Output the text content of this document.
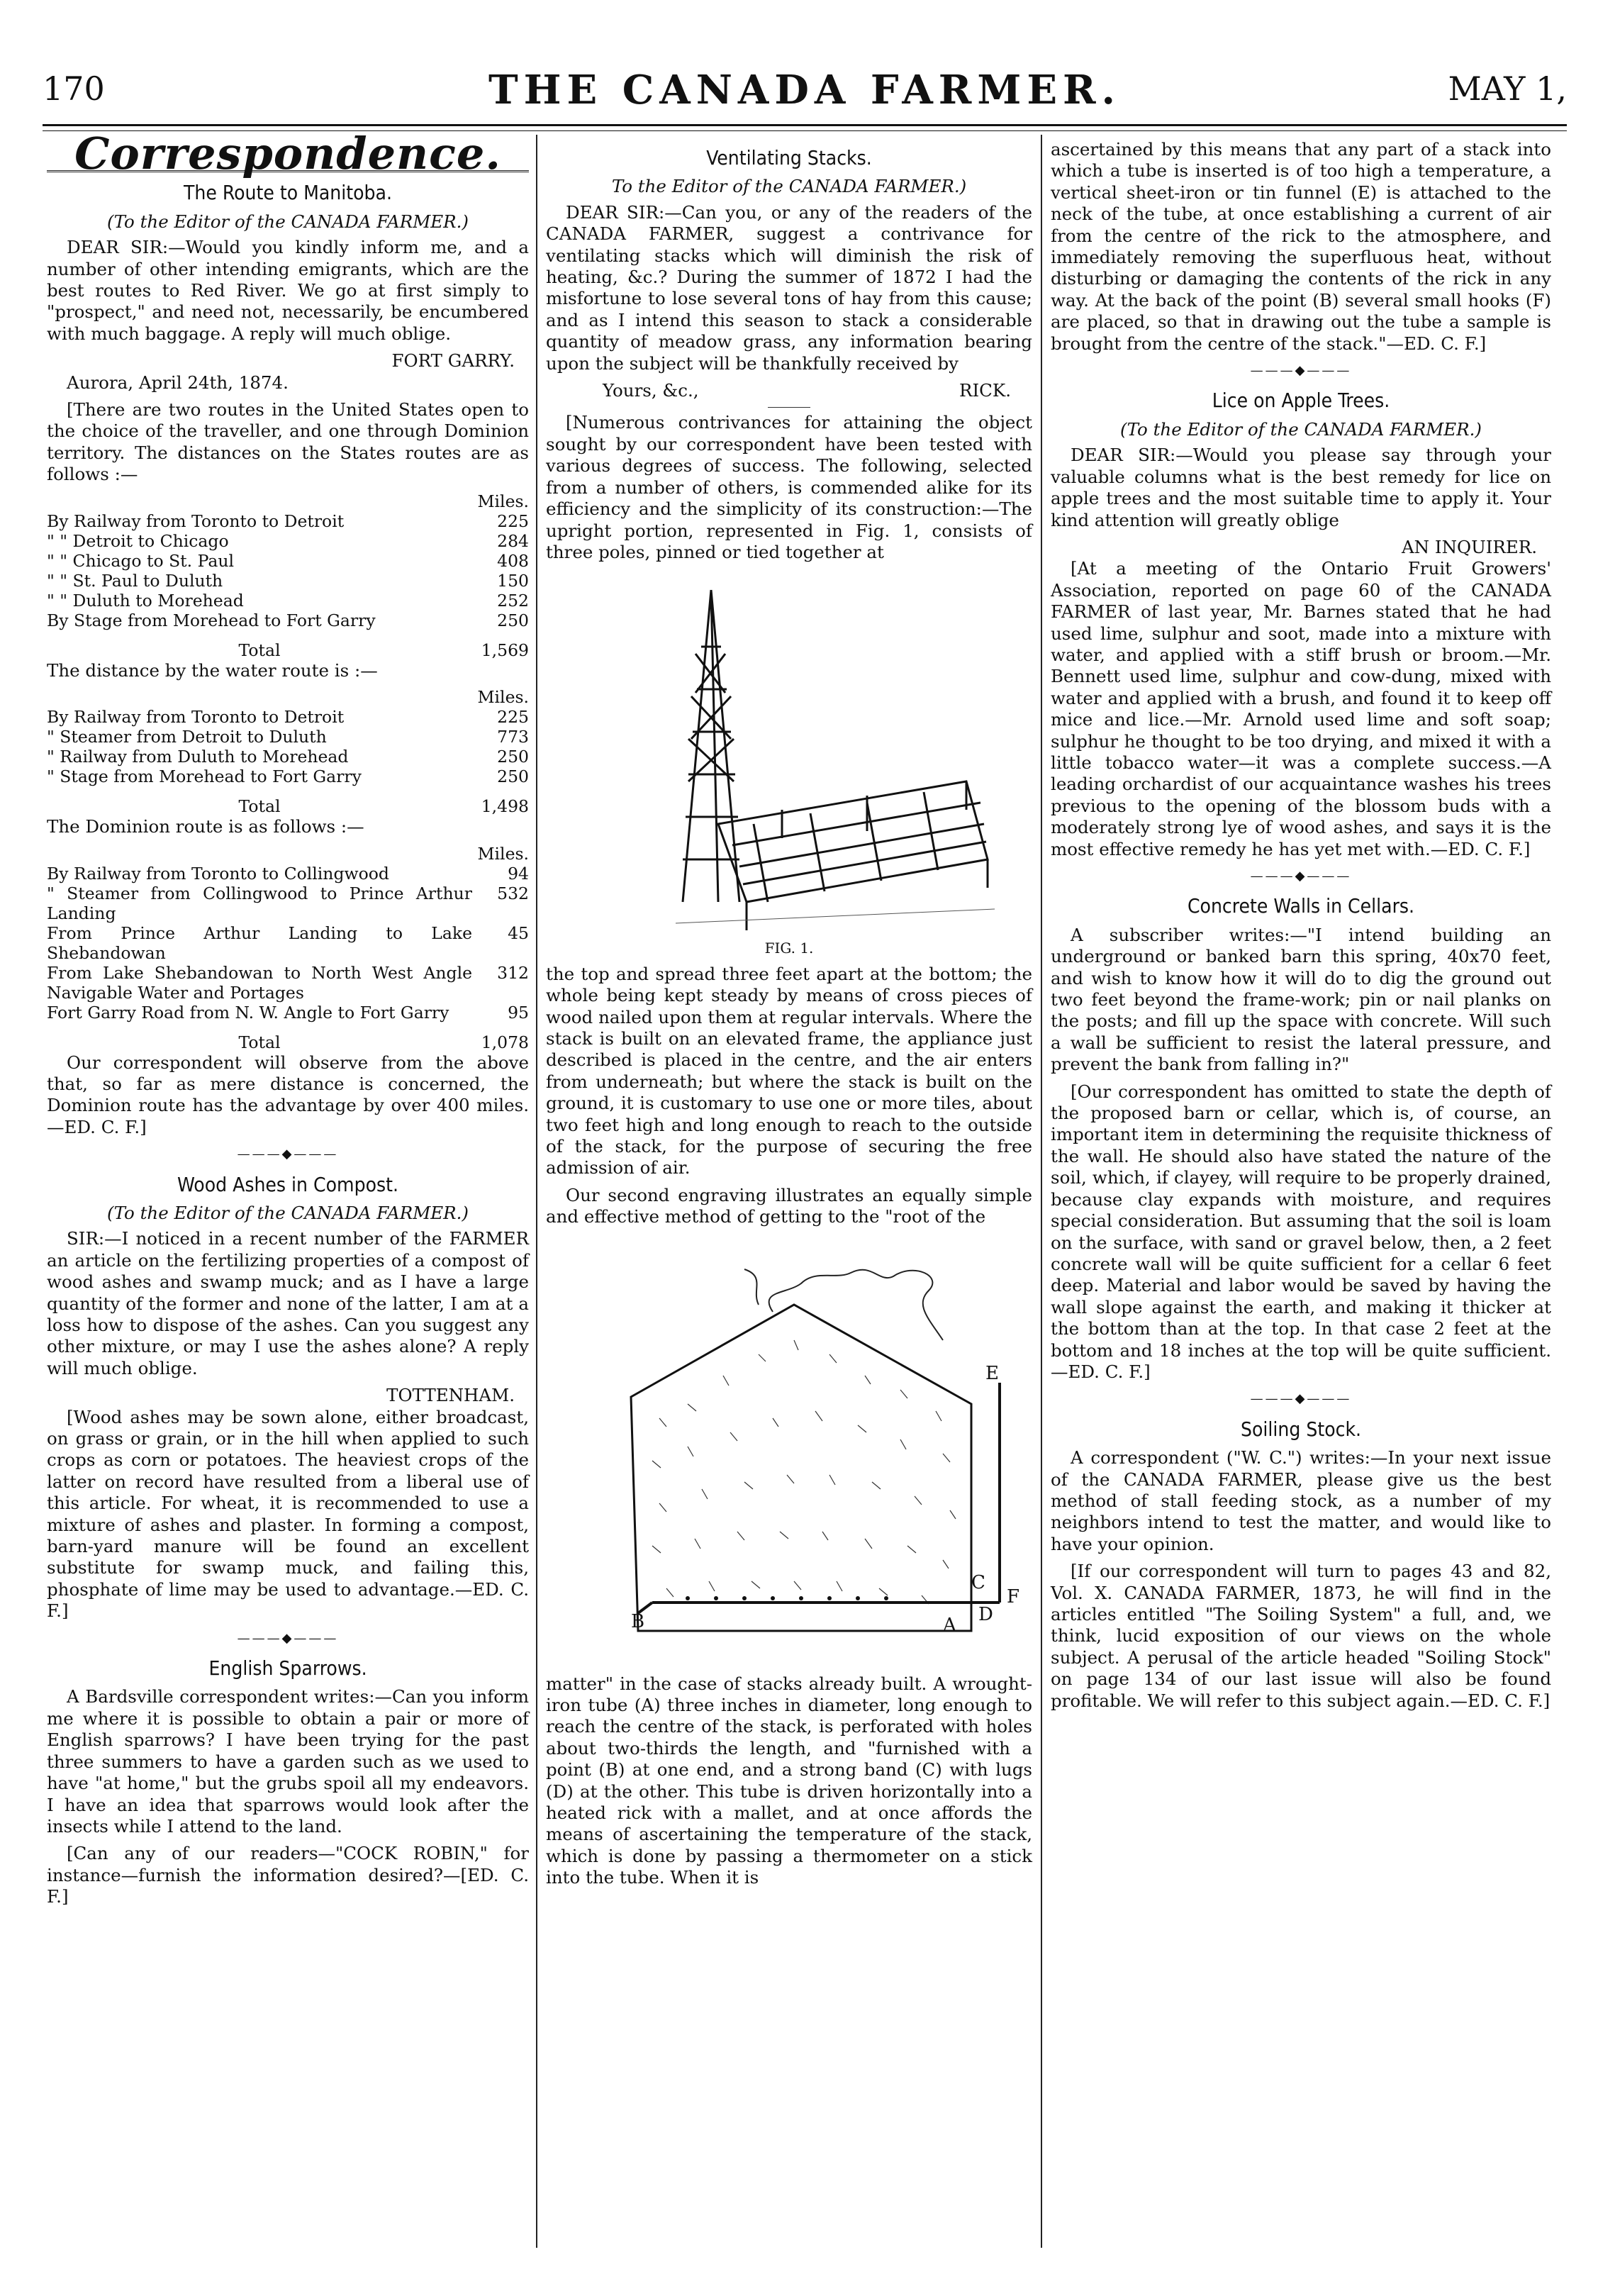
170	THE CANADA FARMER.	MAY 1,
Correspondence.
The Route to Manitoba.
(To the Editor of the CANADA FARMER.)

DEAR SIR:—Would you kindly inform me, and a number of other intending emigrants, which are the best routes to Red River. We go at first simply to "prospect," and need not, necessarily, be encumbered with much baggage. A reply will much oblige.

FORT GARRY.

Aurora, April 24th, 1874.

[There are two routes in the United States open to the choice of the traveller, and one through Dominion territory. The distances on the States routes are as follows :—

	Miles.
By Railway from Toronto to Detroit	225
" " Detroit to Chicago	284
" " Chicago to St. Paul	408
" " St. Paul to Duluth	150
" " Duluth to Morehead	252
By Stage from Morehead to Fort Garry	250
Total	1,569

The distance by the water route is :—

	Miles.
By Railway from Toronto to Detroit	225
" Steamer from Detroit to Duluth	773
" Railway from Duluth to Morehead	250
" Stage from Morehead to Fort Garry	250
Total	1,498

The Dominion route is as follows :—

	Miles.
By Railway from Toronto to Collingwood	94
" Steamer from Collingwood to Prince Arthur Landing	532
From Prince Arthur Landing to Lake Shebandowan	45
From Lake Shebandowan to North West Angle Navigable Water and Portages	312
Fort Garry Road from N. W. Angle to Fort Garry	95
Total	1,078

Our correspondent will observe from the above that, so far as mere distance is concerned, the Dominion route has the advantage by over 400 miles.—ED. C. F.]

———◆———
Wood Ashes in Compost.
(To the Editor of the CANADA FARMER.)

SIR:—I noticed in a recent number of the FARMER an article on the fertilizing properties of a compost of wood ashes and swamp muck; and as I have a large quantity of the former and none of the latter, I am at a loss how to dispose of the ashes. Can you suggest any other mixture, or may I use the ashes alone? A reply will much oblige.

TOTTENHAM.

[Wood ashes may be sown alone, either broadcast, on grass or grain, or in the hill when applied to such crops as corn or potatoes. The heaviest crops of the latter on record have resulted from a liberal use of this article. For wheat, it is recommended to use a mixture of ashes and plaster. In forming a compost, barn-yard manure will be found an excellent substitute for swamp muck, and failing this, phosphate of lime may be used to advantage.—ED. C. F.]

———◆———
English Sparrows.

A Bardsville correspondent writes:—Can you inform me where it is possible to obtain a pair or more of English sparrows? I have been trying for the past three summers to have a garden such as we used to have "at home," but the grubs spoil all my endeavors. I have an idea that sparrows would look after the insects while I attend to the land.

[Can any of our readers—"COCK ROBIN," for instance—furnish the information desired?—[ED. C. F.]

Ventilating Stacks.
To the Editor of the CANADA FARMER.)

DEAR SIR:—Can you, or any of the readers of the CANADA FARMER, suggest a contrivance for ventilating stacks which will diminish the risk of heating, &c.? During the summer of 1872 I had the misfortune to lose several tons of hay from this cause; and as I intend this season to stack a considerable quantity of meadow grass, any information bearing upon the subject will be thankfully received by

Yours, &c.,	RICK.

[Numerous contrivances for attaining the object sought by our correspondent have been tested with various degrees of success. The following, selected from a number of others, is commended alike for its efficiency and the simplicity of its construction:—The upright portion, represented in Fig. 1, consists of three poles, pinned or tied together at

FIG. 1.

the top and spread three feet apart at the bottom; the whole being kept steady by means of cross pieces of wood nailed upon them at regular intervals. Where the stack is built on an elevated frame, the appliance just described is placed in the centre, and the air enters from underneath; but where the stack is built on the ground, it is customary to use one or more tiles, about two feet high and long enough to reach to the outside of the stack, for the purpose of securing the free admission of air.

Our second engraving illustrates an equally simple and effective method of getting to the "root of the

E
A
B
C
D
F

matter" in the case of stacks already built. A wrought-iron tube (A) three inches in diameter, long enough to reach the centre of the stack, is perforated with holes about two-thirds the length, and "furnished with a point (B) at one end, and a strong band (C) with lugs (D) at the other. This tube is driven horizontally into a heated rick with a mallet, and at once affords the means of ascertaining the temperature of the stack, which is done by passing a thermometer on a stick into the tube. When it is

ascertained by this means that any part of a stack into which a tube is inserted is of too high a temperature, a vertical sheet-iron or tin funnel (E) is attached to the neck of the tube, at once establishing a current of air from the centre of the rick to the atmosphere, and immediately removing the superfluous heat, without disturbing or damaging the contents of the rick in any way. At the back of the point (B) several small hooks (F) are placed, so that in drawing out the tube a sample is brought from the centre of the stack."—ED. C. F.]

———◆———
Lice on Apple Trees.
(To the Editor of the CANADA FARMER.)

DEAR SIR:—Would you please say through your valuable columns what is the best remedy for lice on apple trees and the most suitable time to apply it. Your kind attention will greatly oblige

AN INQUIRER.

[At a meeting of the Ontario Fruit Growers' Association, reported on page 60 of the CANADA FARMER of last year, Mr. Barnes stated that he had used lime, sulphur and soot, made into a mixture with water, and applied with a stiff brush or broom.—Mr. Bennett used lime, sulphur and cow-dung, mixed with water and applied with a brush, and found it to keep off mice and lice.—Mr. Arnold used lime and soft soap; sulphur he thought to be too drying, and mixed it with a little tobacco water—it was a complete success.—A leading orchardist of our acquaintance washes his trees previous to the opening of the blossom buds with a moderately strong lye of wood ashes, and says it is the most effective remedy he has yet met with.—ED. C. F.]

———◆———
Concrete Walls in Cellars.

A subscriber writes:—"I intend building an underground or banked barn this spring, 40x70 feet, and wish to know how it will do to dig the ground out two feet beyond the frame-work; pin or nail planks on the posts; and fill up the space with concrete. Will such a wall be sufficient to resist the lateral pressure, and prevent the bank from falling in?"

[Our correspondent has omitted to state the depth of the proposed barn or cellar, which is, of course, an important item in determining the requisite thickness of the wall. He should also have stated the nature of the soil, which, if clayey, will require to be properly drained, because clay expands with moisture, and requires special consideration. But assuming that the soil is loam on the surface, with sand or gravel below, then, a 2 feet concrete wall will be quite sufficient for a cellar 6 feet deep. Material and labor would be saved by having the wall slope against the earth, and making it thicker at the bottom than at the top. In that case 2 feet at the bottom and 18 inches at the top will be quite sufficient.—ED. C. F.]

———◆———
Soiling Stock.

A correspondent ("W. C.") writes:—In your next issue of the CANADA FARMER, please give us the best method of stall feeding stock, as a number of my neighbors intend to test the matter, and would like to have your opinion.

[If our correspondent will turn to pages 43 and 82, Vol. X. CANADA FARMER, 1873, he will find in the articles entitled "The Soiling System" a full, and, we think, lucid exposition of our views on the whole subject. A perusal of the article headed "Soiling Stock" on page 134 of our last issue will also be found profitable. We will refer to this subject again.—ED. C. F.]
